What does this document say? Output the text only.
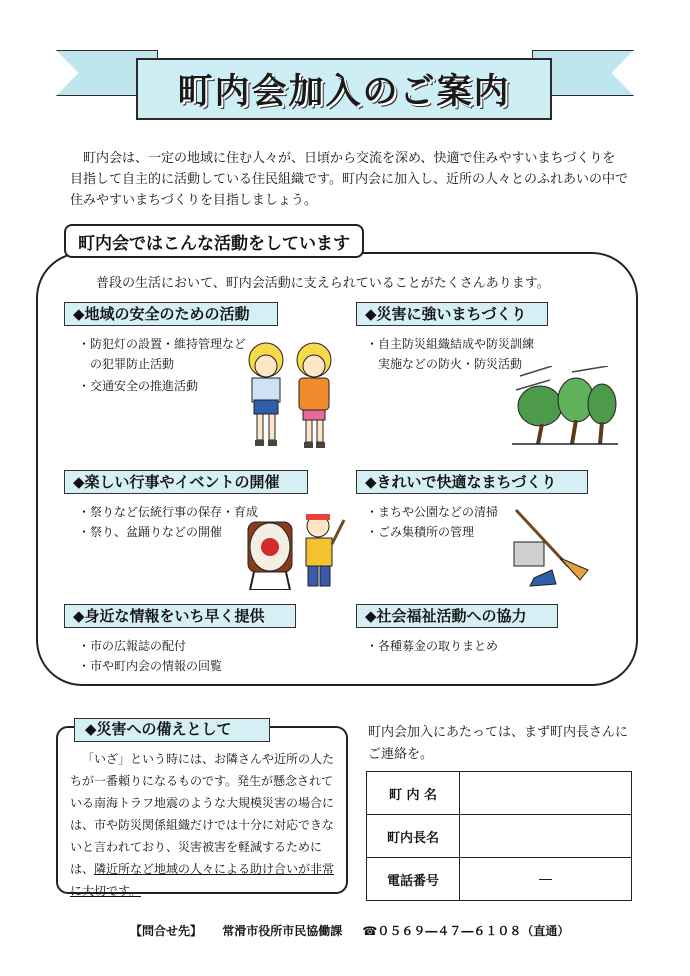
町内会加入のご案内
町内会は、一定の地域に住む人々が、日頃から交流を深め、快適で住みやすいまちづくりを目指して自主的に活動している住民組織です。町内会に加入し、近所の人々とのふれあいの中で住みやすいまちづくりを目指しましょう。
町内会ではこんな活動をしています
普段の生活において、町内会活動に支えられていることがたくさんあります。
◆地域の安全のための活動
・防犯灯の設置・維持管理など
　の犯罪防止活動
・交通安全の推進活動
◆災害に強いまちづくり
・自主防災組織結成や防災訓練
　実施などの防火・防災活動
◆楽しい行事やイベントの開催
・祭りなど伝統行事の保存・育成
・祭り、盆踊りなどの開催
◆きれいで快適なまちづくり
・まちや公園などの清掃
・ごみ集積所の管理
◆身近な情報をいち早く提供
・市の広報誌の配付
・市や町内会の情報の回覧
◆社会福祉活動への協力
・各種募金の取りまとめ
◆災害への備えとして
「いざ」という時には、お隣さんや近所の人たちが一番頼りになるものです。発生が懸念されている南海トラフ地震のような大規模災害の場合には、市や防災関係組織だけでは十分に対応できないと言われており、災害被害を軽減するためには、隣近所など地域の人々による助け合いが非常に大切です。
町内会加入にあたっては、まず町内長さんにご連絡を。
町 内 名	
町内長名	
電話番号	―
【問合せ先】 常滑市役所市民協働課 ☎０５６９―４７―６１０８（直通）
